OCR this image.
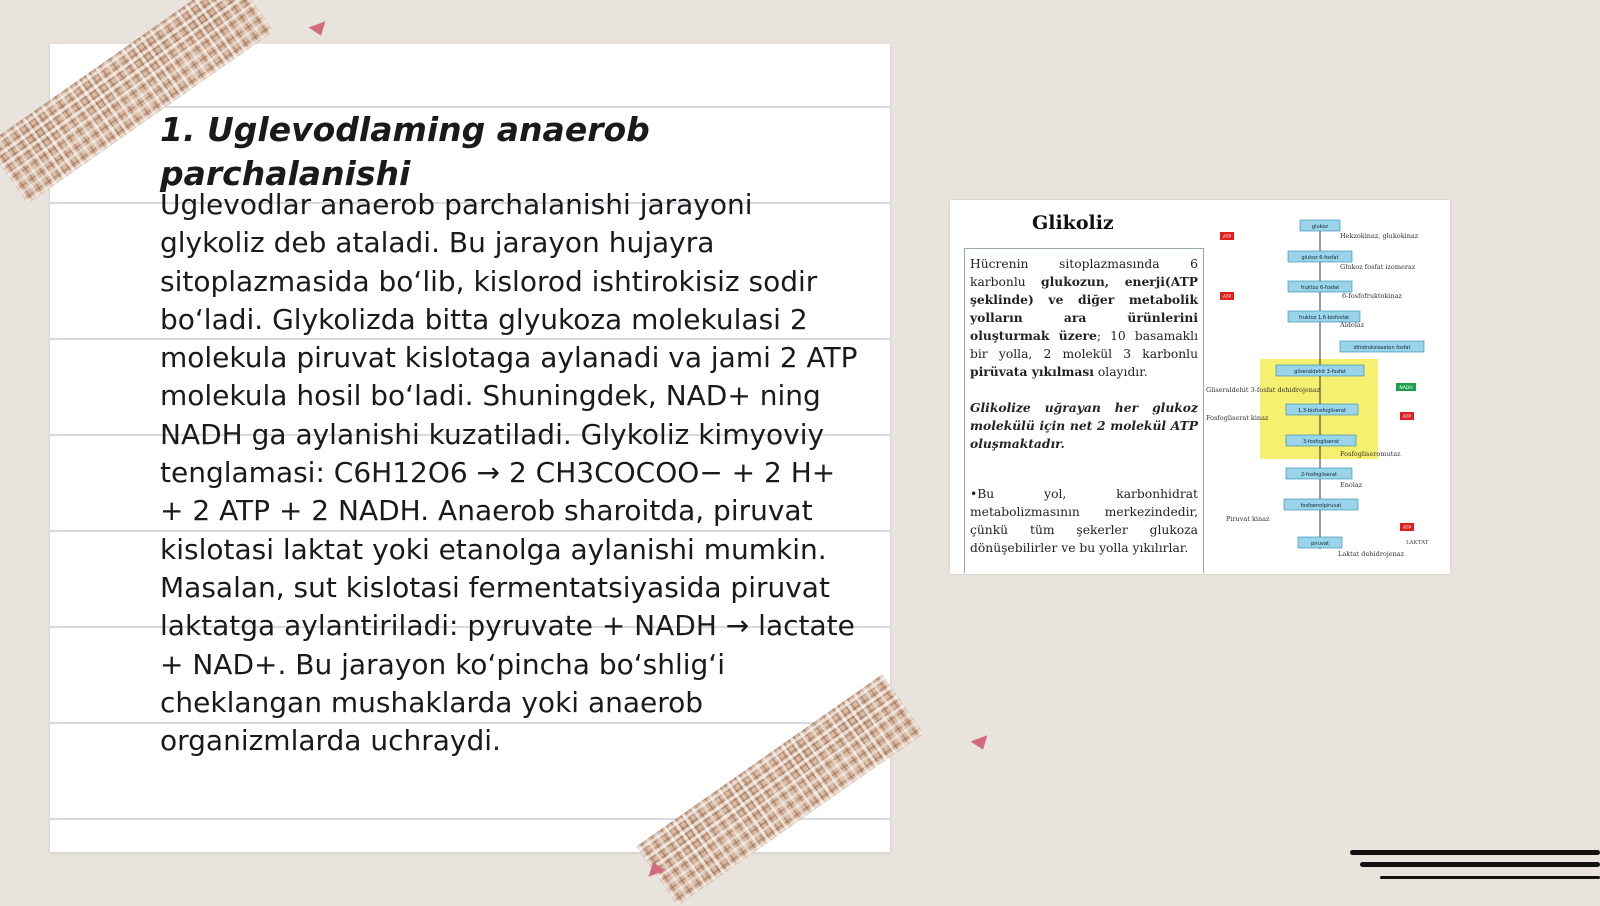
1. Uglevodlaming anaerob parchalanishi
Uglevodlar anaerob parchalanishi jarayoni glykoliz deb ataladi. Bu jarayon hujayra sitoplazmasida bo‘lib, kislorod ishtirokisiz sodir bo‘ladi. Glykolizda bitta glyukoza molekulasi 2 molekula piruvat kislotaga aylanadi va jami 2 ATP molekula hosil bo‘ladi. Shuningdek, NAD+ ning NADH ga aylanishi kuzatiladi. Glykoliz kimyoviy tenglamasi: C6H12O6 → 2 CH3COCOO− + 2 H+ + 2 ATP + 2 NADH. Anaerob sharoitda, piruvat kislotasi laktat yoki etanolga aylanishi mumkin. Masalan, sut kislotasi fermentatsiyasida piruvat laktatga aylantiriladi: pyruvate + NADH → lactate + NAD+. Bu jarayon ko‘pincha bo‘shlig‘i cheklangan mushaklarda yoki anaerob organizmlarda uchraydi.
Glikoliz
Hücrenin sitoplazmasında 6 karbonlu glukozun, enerji(ATP şeklinde) ve diğer metabolik yolların ara ürünlerini oluşturmak üzere; 10 basamaklı bir yolla, 2 molekül 3 karbonlu pirüvata yıkılması olayıdır.
Glikolize uğrayan her glukoz molekülü için net 2 molekül ATP oluşmaktadır.
•Bu yol, karbonhidrat metabolizmasının merkezindedir, çünkü tüm şekerler glukoza dönüşebilirler ve bu yolla yıkılırlar.
glukoz
glukoz 6-fosfat
fruktoz 6-fosfat
fruktoz 1,6-bisfosfat
dihidroksiaseton fosfat
gliseraldehit 3-fosfat
1,3-bisfosfogliserat
3-fosfogliserat
2-fosfogliserat
fosfoenolpiruvat
piruvat
Hekzokinaz, glukokinaz
Glukoz fosfat izomeraz
6-fosfofruktokinaz
Aldolaz
Gliseraldehit 3-fosfat dehidrojenaz
Fosfogliserat kinaz
Fosfogliseromutaz
Enolaz
Piruvat kinaz
Laktat dehidrojenaz
ATP
ATP
ATP
ATP
NADH
LAKTAT
